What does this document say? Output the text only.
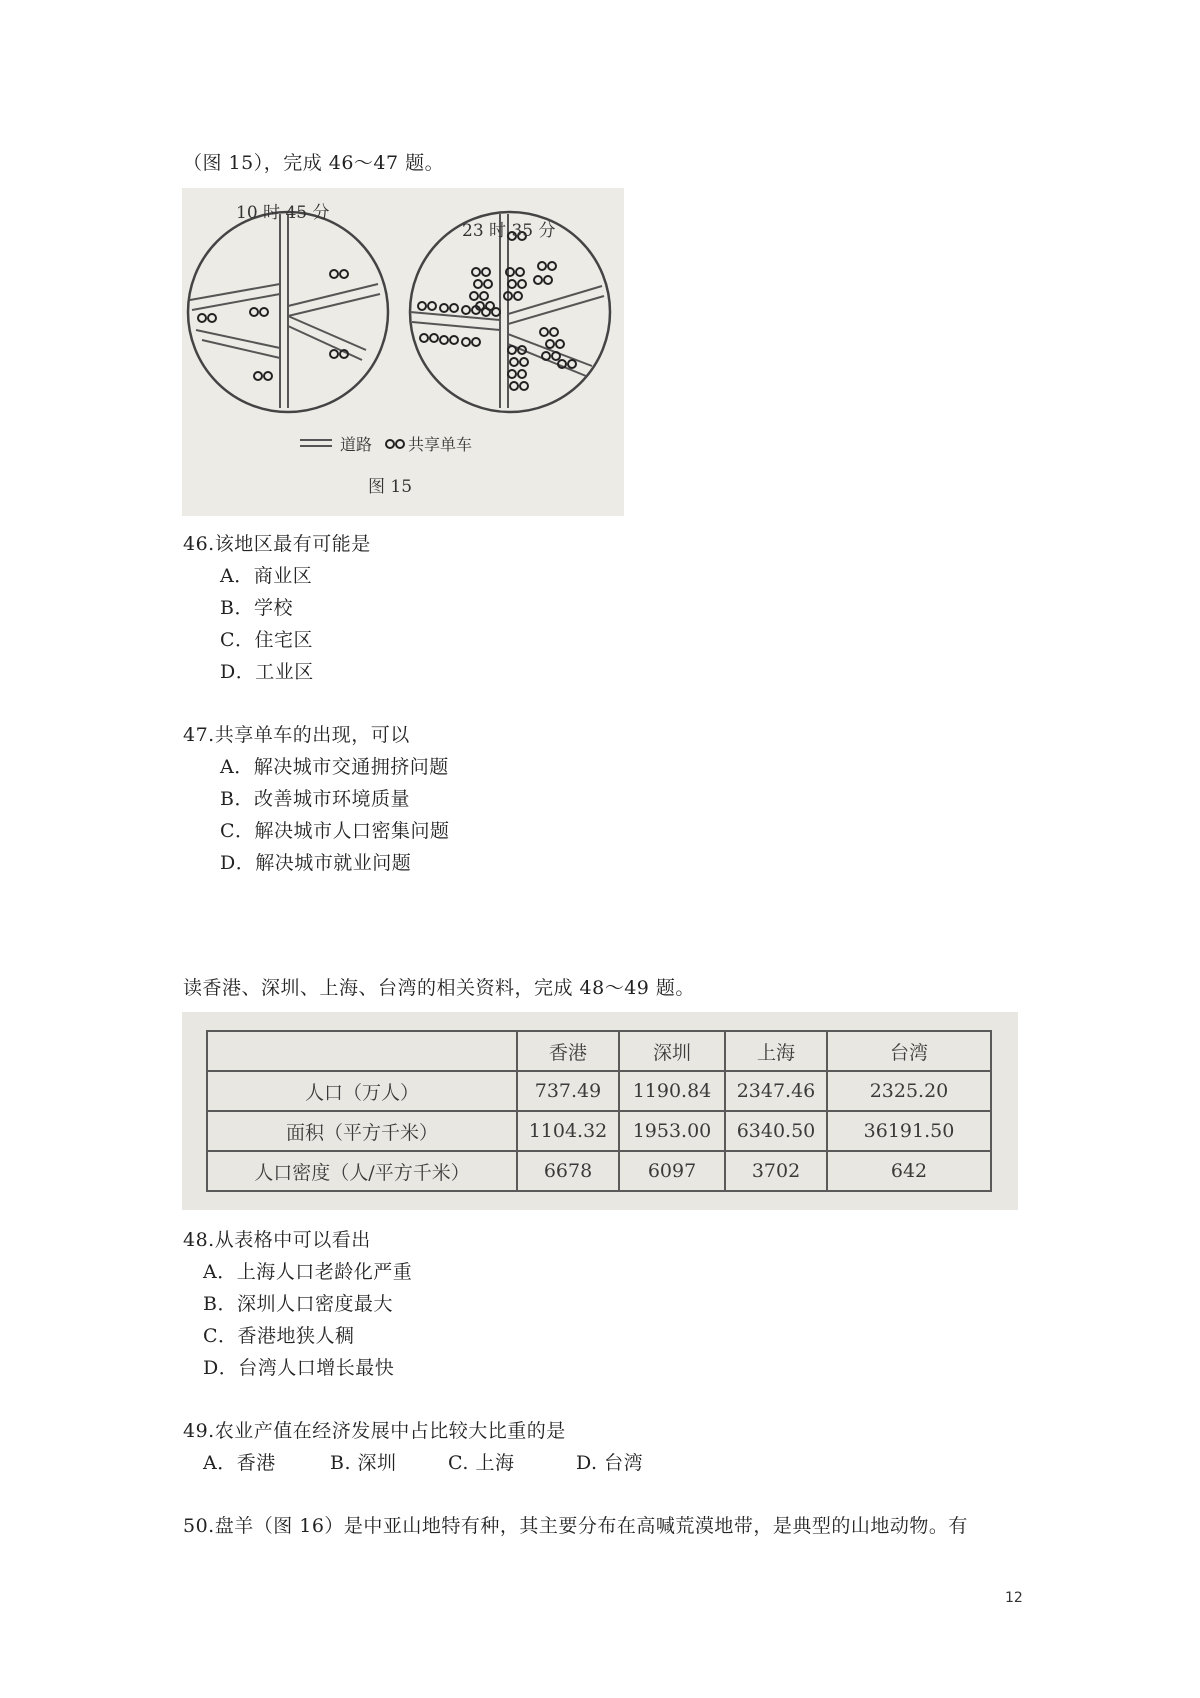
（图 15），完成 46～47 题。
10 时 45 分
23 时 35 分
道路 共享单车
图 15
46.该地区最有可能是
A．商业区
B．学校
C．住宅区
D．工业区
47.共享单车的出现，可以
A．解决城市交通拥挤问题
B．改善城市环境质量
C．解决城市人口密集问题
D．解决城市就业问题
读香港、深圳、上海、台湾的相关资料，完成 48～49 题。
	香港	深圳	上海	台湾
人口（万人）	737.49	1190.84	2347.46	2325.20
面积（平方千米）	1104.32	1953.00	6340.50	36191.50
人口密度（人/平方千米）	6678	6097	3702	642
48.从表格中可以看出
A．上海人口老龄化严重
B．深圳人口密度最大
C．香港地狭人稠
D．台湾人口增长最快
49.农业产值在经济发展中占比较大比重的是
A．香港	B. 深圳	C. 上海	D. 台湾
50.盘羊（图 16）是中亚山地特有种，其主要分布在高喊荒漠地带，是典型的山地动物。有
12
